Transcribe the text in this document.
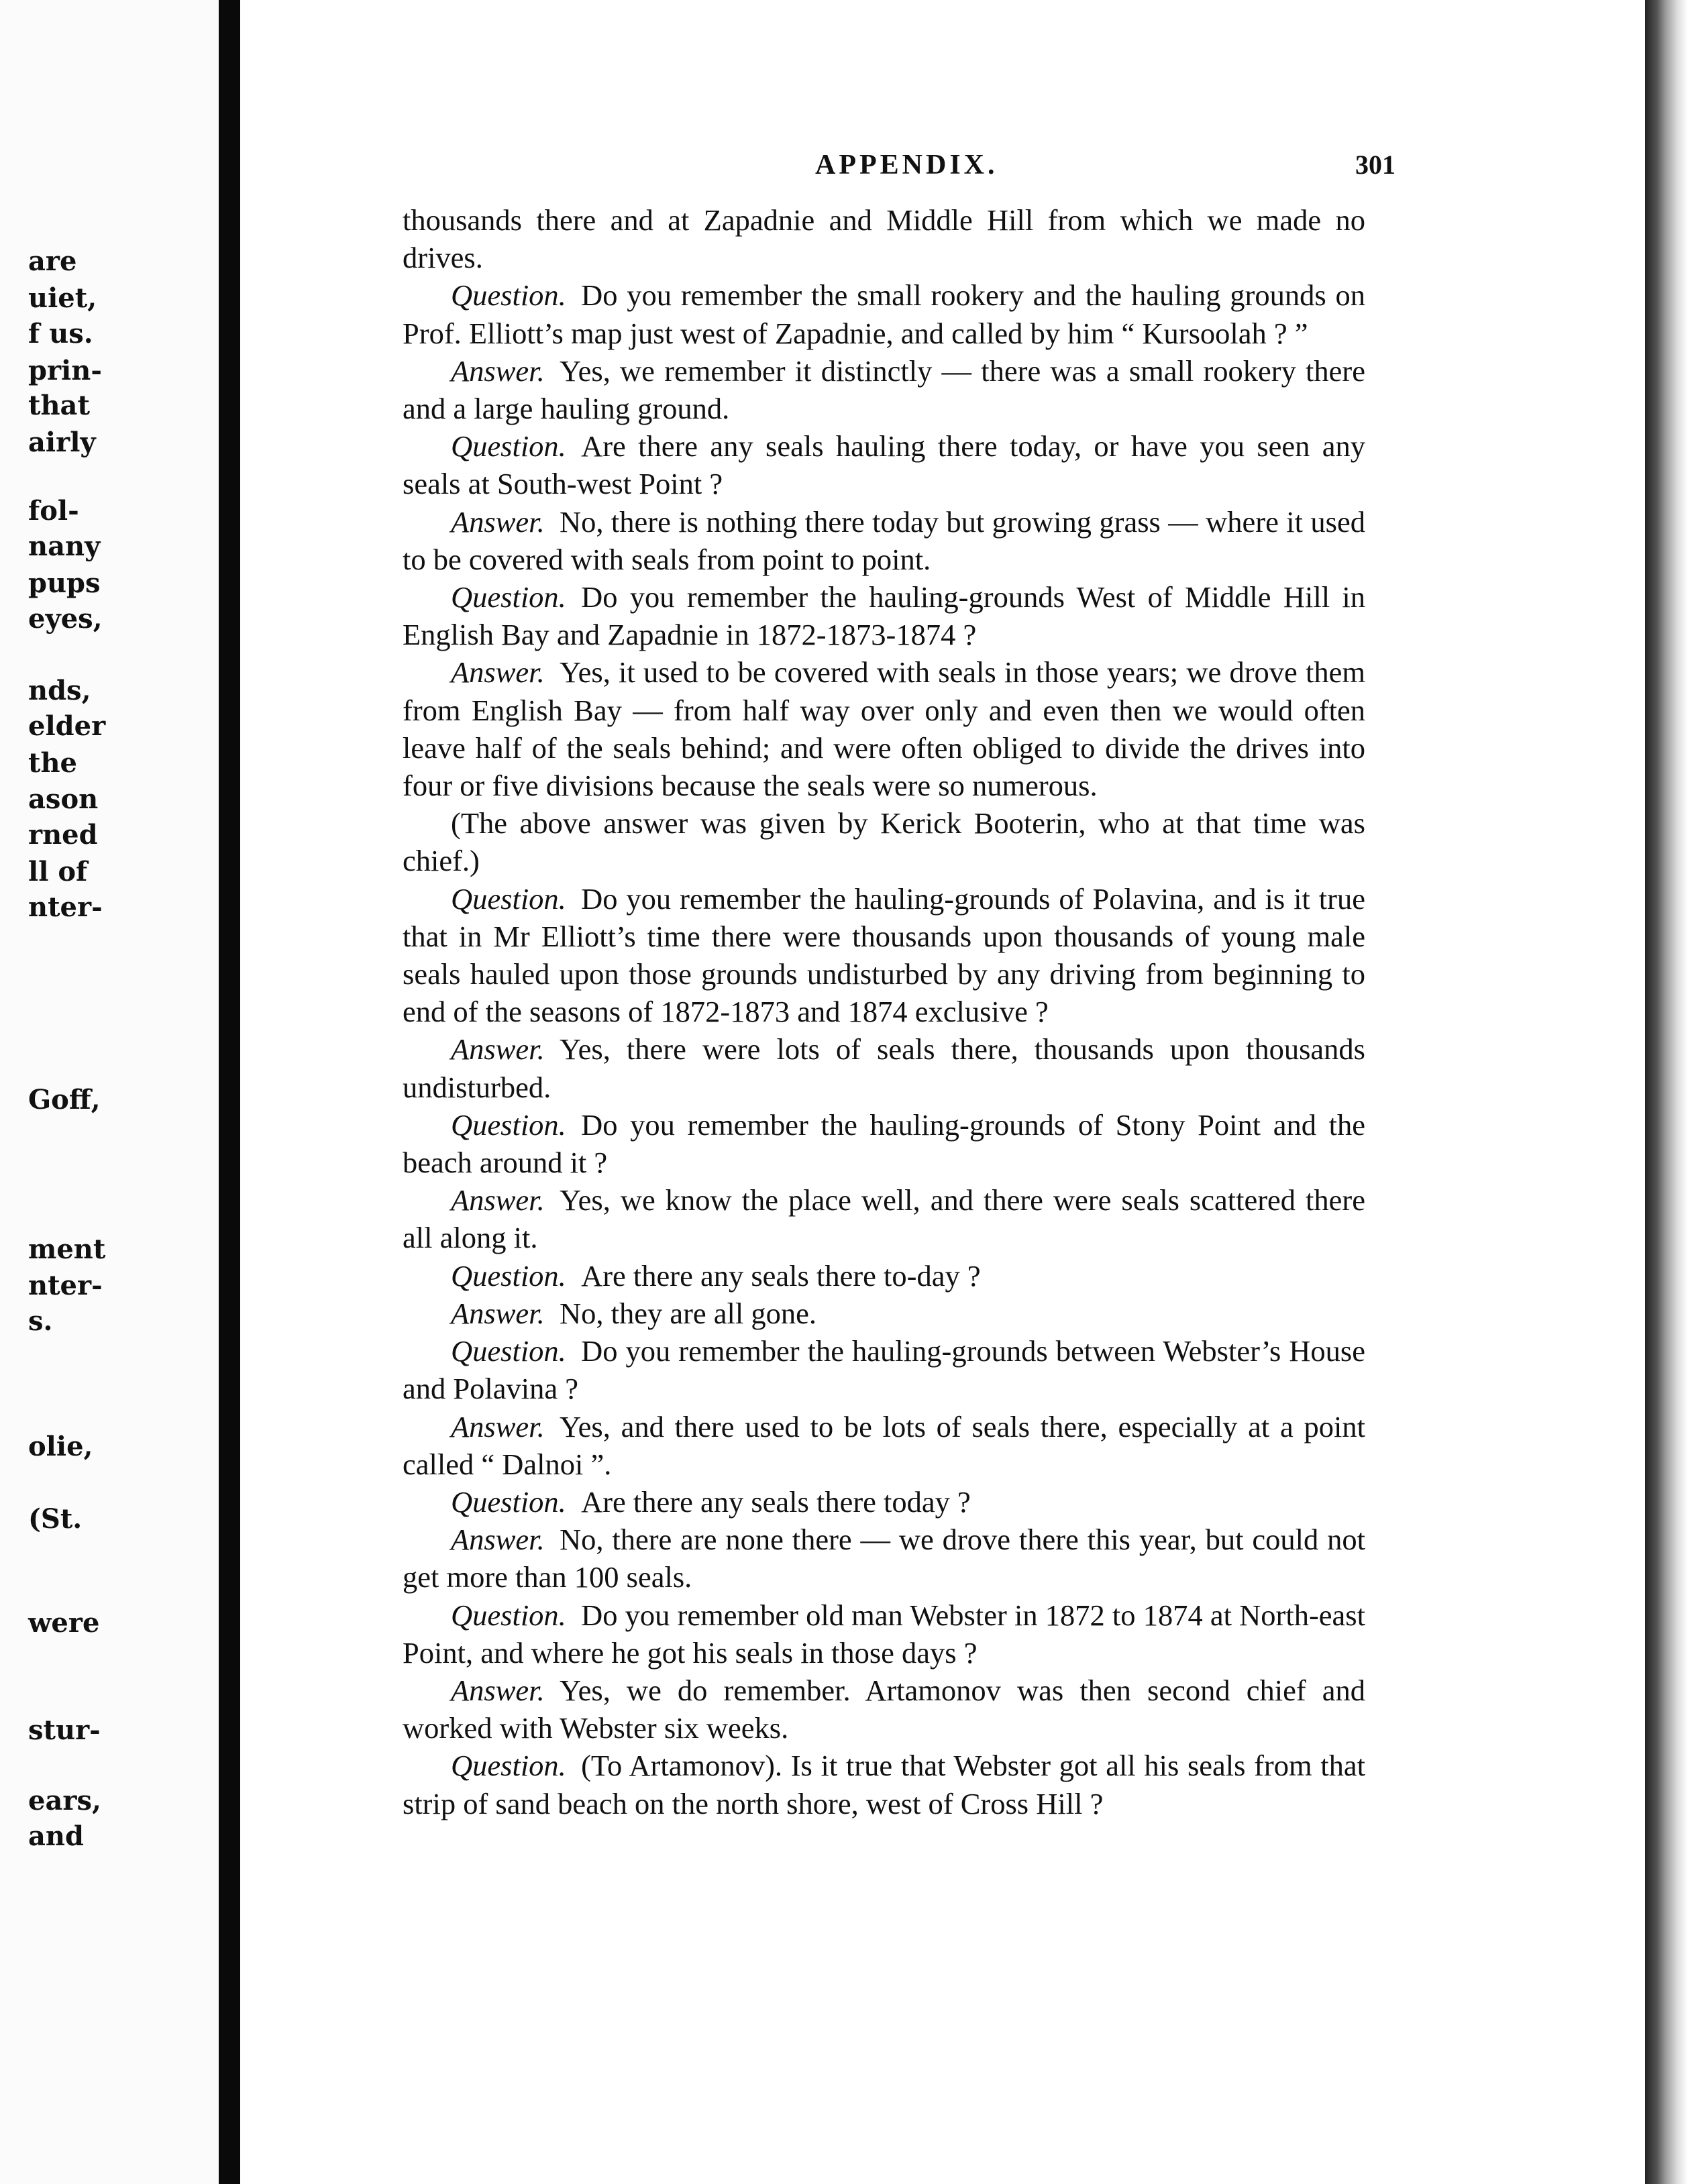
are
uiet,
f us.
prin-
that
airly
fol-
nany
pups
eyes,
nds,
elder
the
ason
rned
ll of
nter-
Goff,
ment
nter-
s.
olie,
(St.
were
stur-
ears,
and
APPENDIX.	301

thousands there and at Zapadnie and Middle Hill from which we made no drives.

Question.  Do you remember the small rookery and the hauling grounds on Prof. Elliott’s map just west of Zapadnie, and called by him “ Kursoolah ? ”

Answer.  Yes, we remember it distinctly — there was a small rookery there and a large hauling ground.

Question.  Are there any seals hauling there today, or have you seen any seals at South-west Point ?

Answer.  No, there is nothing there today but growing grass — where it used to be covered with seals from point to point.

Question.  Do you remember the hauling-grounds West of Middle Hill in English Bay and Zapadnie in 1872-1873-1874 ?

Answer.  Yes, it used to be covered with seals in those years; we drove them from English Bay — from half way over only and even then we would often leave half of the seals behind; and were often obliged to divide the drives into four or five divisions because the seals were so numerous.

(The above answer was given by Kerick Booterin, who at that time was chief.)

Question.  Do you remember the hauling-grounds of Polavina, and is it true that in Mr Elliott’s time there were thousands upon thousands of young male seals hauled upon those grounds undisturbed by any driving from beginning to end of the seasons of 1872-1873 and 1874 exclusive ?

Answer.  Yes, there were lots of seals there, thousands upon thousands undisturbed.

Question.  Do you remember the hauling-grounds of Stony Point and the beach around it ?

Answer.  Yes, we know the place well, and there were seals scattered there all along it.

Question.  Are there any seals there to-day ?

Answer.  No, they are all gone.

Question.  Do you remember the hauling-grounds between Webster’s House and Polavina ?

Answer.  Yes, and there used to be lots of seals there, especially at a point called “ Dalnoi ”.

Question.  Are there any seals there today ?

Answer.  No, there are none there — we drove there this year, but could not get more than 100 seals.

Question.  Do you remember old man Webster in 1872 to 1874 at North-east Point, and where he got his seals in those days ?

Answer.  Yes, we do remember. Artamonov was then second chief and worked with Webster six weeks.

Question.  (To Artamonov). Is it true that Webster got all his seals from that strip of sand beach on the north shore, west of Cross Hill ?
